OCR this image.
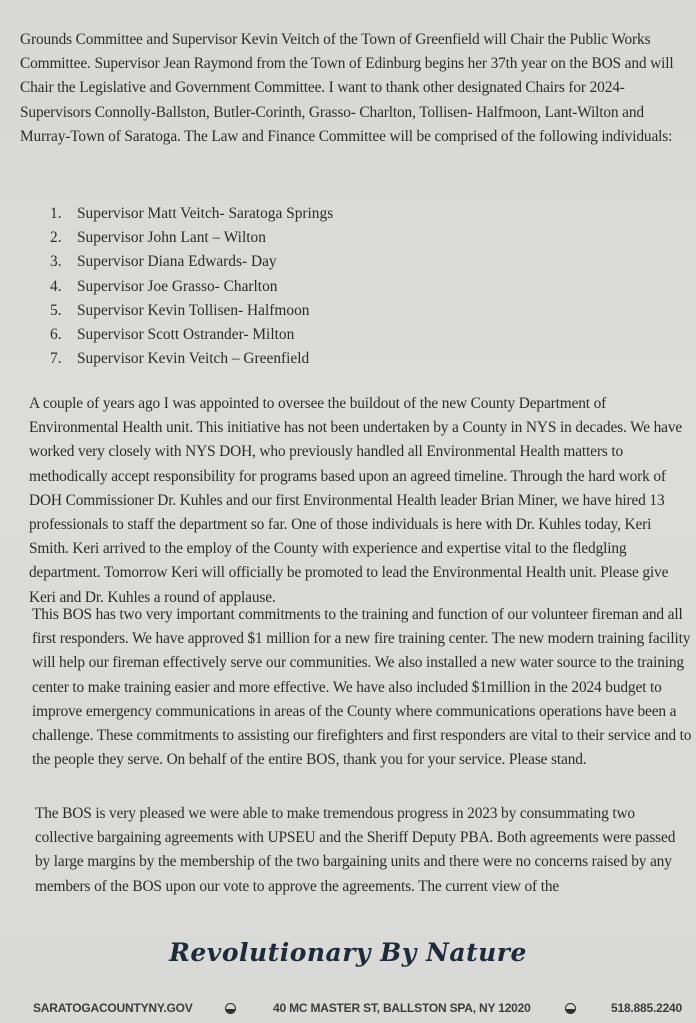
Grounds Committee and Supervisor Kevin Veitch of the Town of Greenfield will Chair the Public Works Committee. Supervisor Jean Raymond from the Town of Edinburg begins her 37th year on the BOS and will Chair the Legislative and Government Committee. I want to thank other designated Chairs for 2024- Supervisors Connolly-Ballston, Butler-Corinth, Grasso- Charlton, Tollisen- Halfmoon, Lant-Wilton and Murray-Town of Saratoga. The Law and Finance Committee will be comprised of the following individuals:

1.	Supervisor Matt Veitch- Saratoga Springs
2.	Supervisor John Lant – Wilton
3.	Supervisor Diana Edwards- Day
4.	Supervisor Joe Grasso- Charlton
5.	Supervisor Kevin Tollisen- Halfmoon
6.	Supervisor Scott Ostrander- Milton
7.	Supervisor Kevin Veitch – Greenfield

A couple of years ago I was appointed to oversee the buildout of the new County Department of Environmental Health unit. This initiative has not been undertaken by a County in NYS in decades. We have worked very closely with NYS DOH, who previously handled all Environmental Health matters to methodically accept responsibility for programs based upon an agreed timeline. Through the hard work of DOH Commissioner Dr. Kuhles and our first Environmental Health leader Brian Miner, we have hired 13 professionals to staff the department so far. One of those individuals is here with Dr. Kuhles today, Keri Smith. Keri arrived to the employ of the County with experience and expertise vital to the fledgling department. Tomorrow Keri will officially be promoted to lead the Environmental Health unit. Please give Keri and Dr. Kuhles a round of applause.

This BOS has two very important commitments to the training and function of our volunteer fireman and all first responders. We have approved $1 million for a new fire training center. The new modern training facility will help our fireman effectively serve our communities. We also installed a new water source to the training center to make training easier and more effective. We have also included $1million in the 2024 budget to improve emergency communications in areas of the County where communications operations have been a challenge. These commitments to assisting our firefighters and first responders are vital to their service and to the people they serve. On behalf of the entire BOS, thank you for your service. Please stand.

The BOS is very pleased we were able to make tremendous progress in 2023 by consummating two collective bargaining agreements with UPSEU and the Sheriff Deputy PBA. Both agreements were passed by large margins by the membership of the two bargaining units and there were no concerns raised by any members of the BOS upon our vote to approve the agreements. The current view of the

Revolutionary By Nature
SARATOGACOUNTYNY.GOV	40 MC MASTER ST, BALLSTON SPA, NY 12020	518.885.2240
